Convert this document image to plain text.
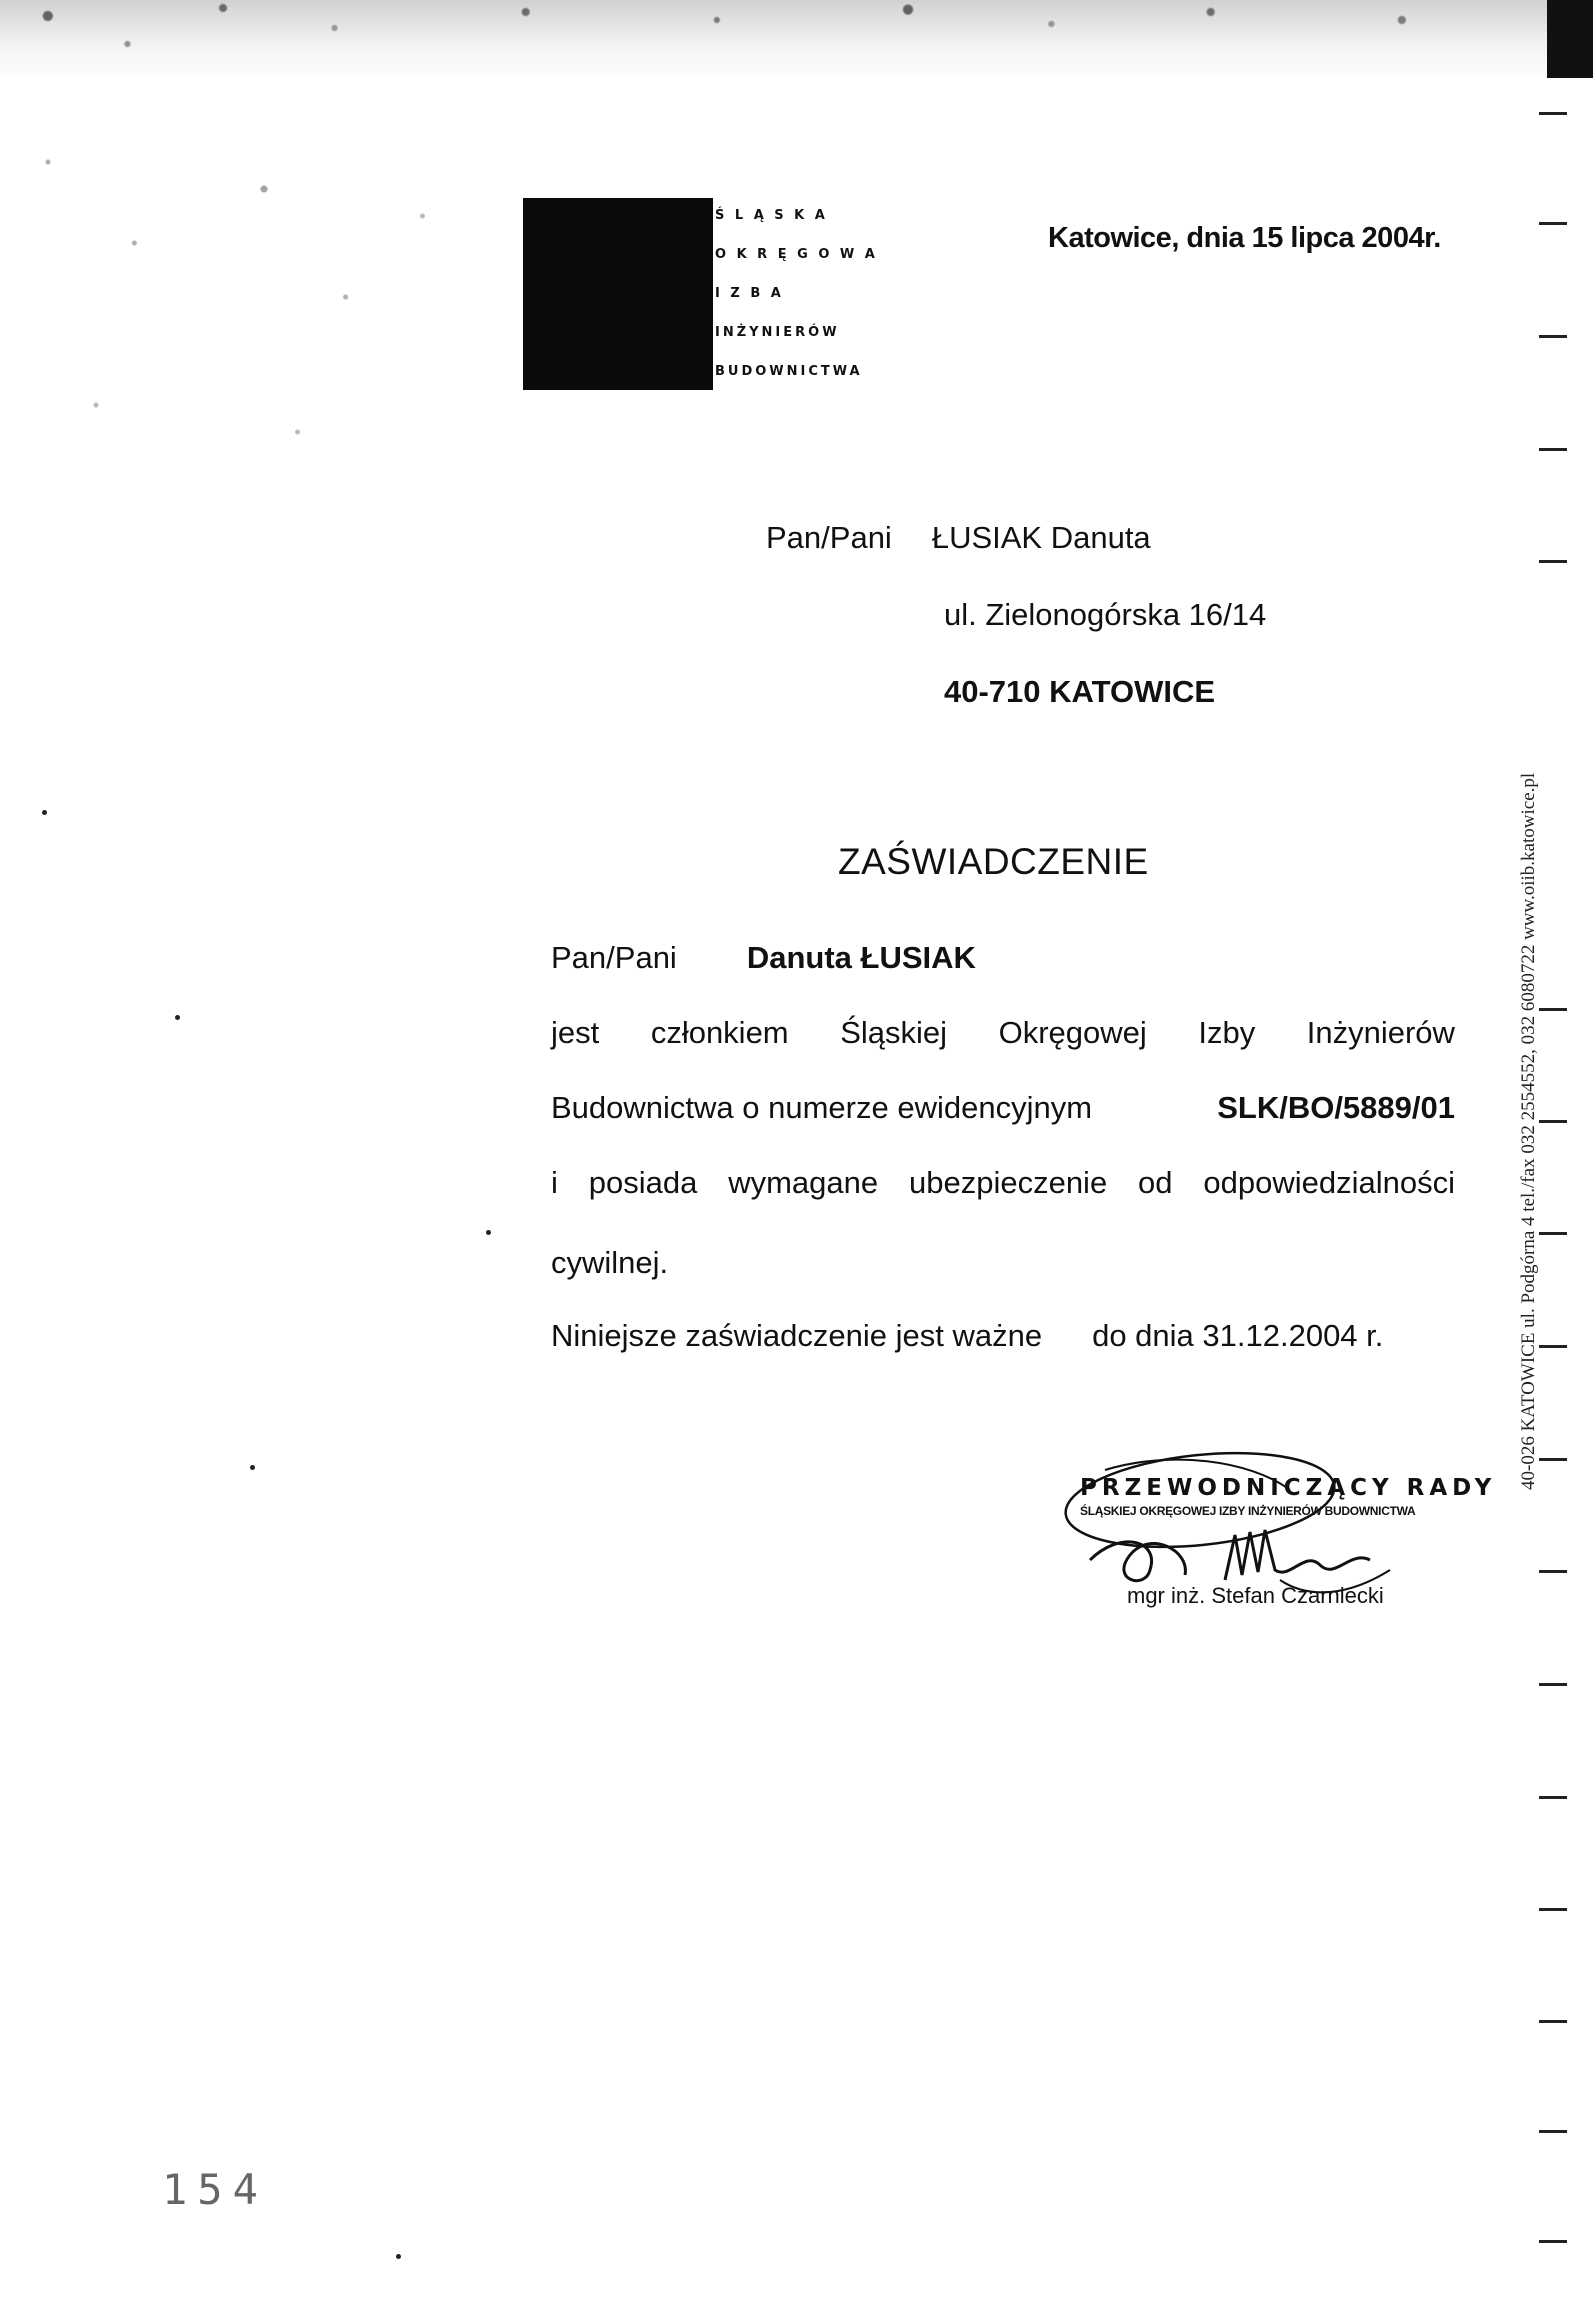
Ś L Ą S K A
O K R Ę G O W A
I Z B A
INŻYNIERÓW
BUDOWNICTWA
Katowice, dnia 15 lipca 2004r.
Pan/Pani ŁUSIAK Danuta
ul. Zielonogórska 16/14
40-710 KATOWICE
ZAŚWIADCZENIE
Pan/Pani Danuta ŁUSIAK
jest członkiem Śląskiej Okręgowej Izby Inżynierów
Budownictwa o numerze ewidencyjnym	SLK/BO/5889/01
i posiada wymagane ubezpieczenie od odpowiedzialności
cywilnej.
Niniejsze zaświadczenie jest ważne do dnia 31.12.2004 r.
PRZEWODNICZĄCY RADY
ŚLĄSKIEJ OKRĘGOWEJ IZBY INŻYNIERÓW BUDOWNICTWA
mgr inż. Stefan Czarniecki
40-026 KATOWICE ul. Podgórna 4 tel./fax 032 2554552, 032 6080722 www.oiib.katowice.pl
154
